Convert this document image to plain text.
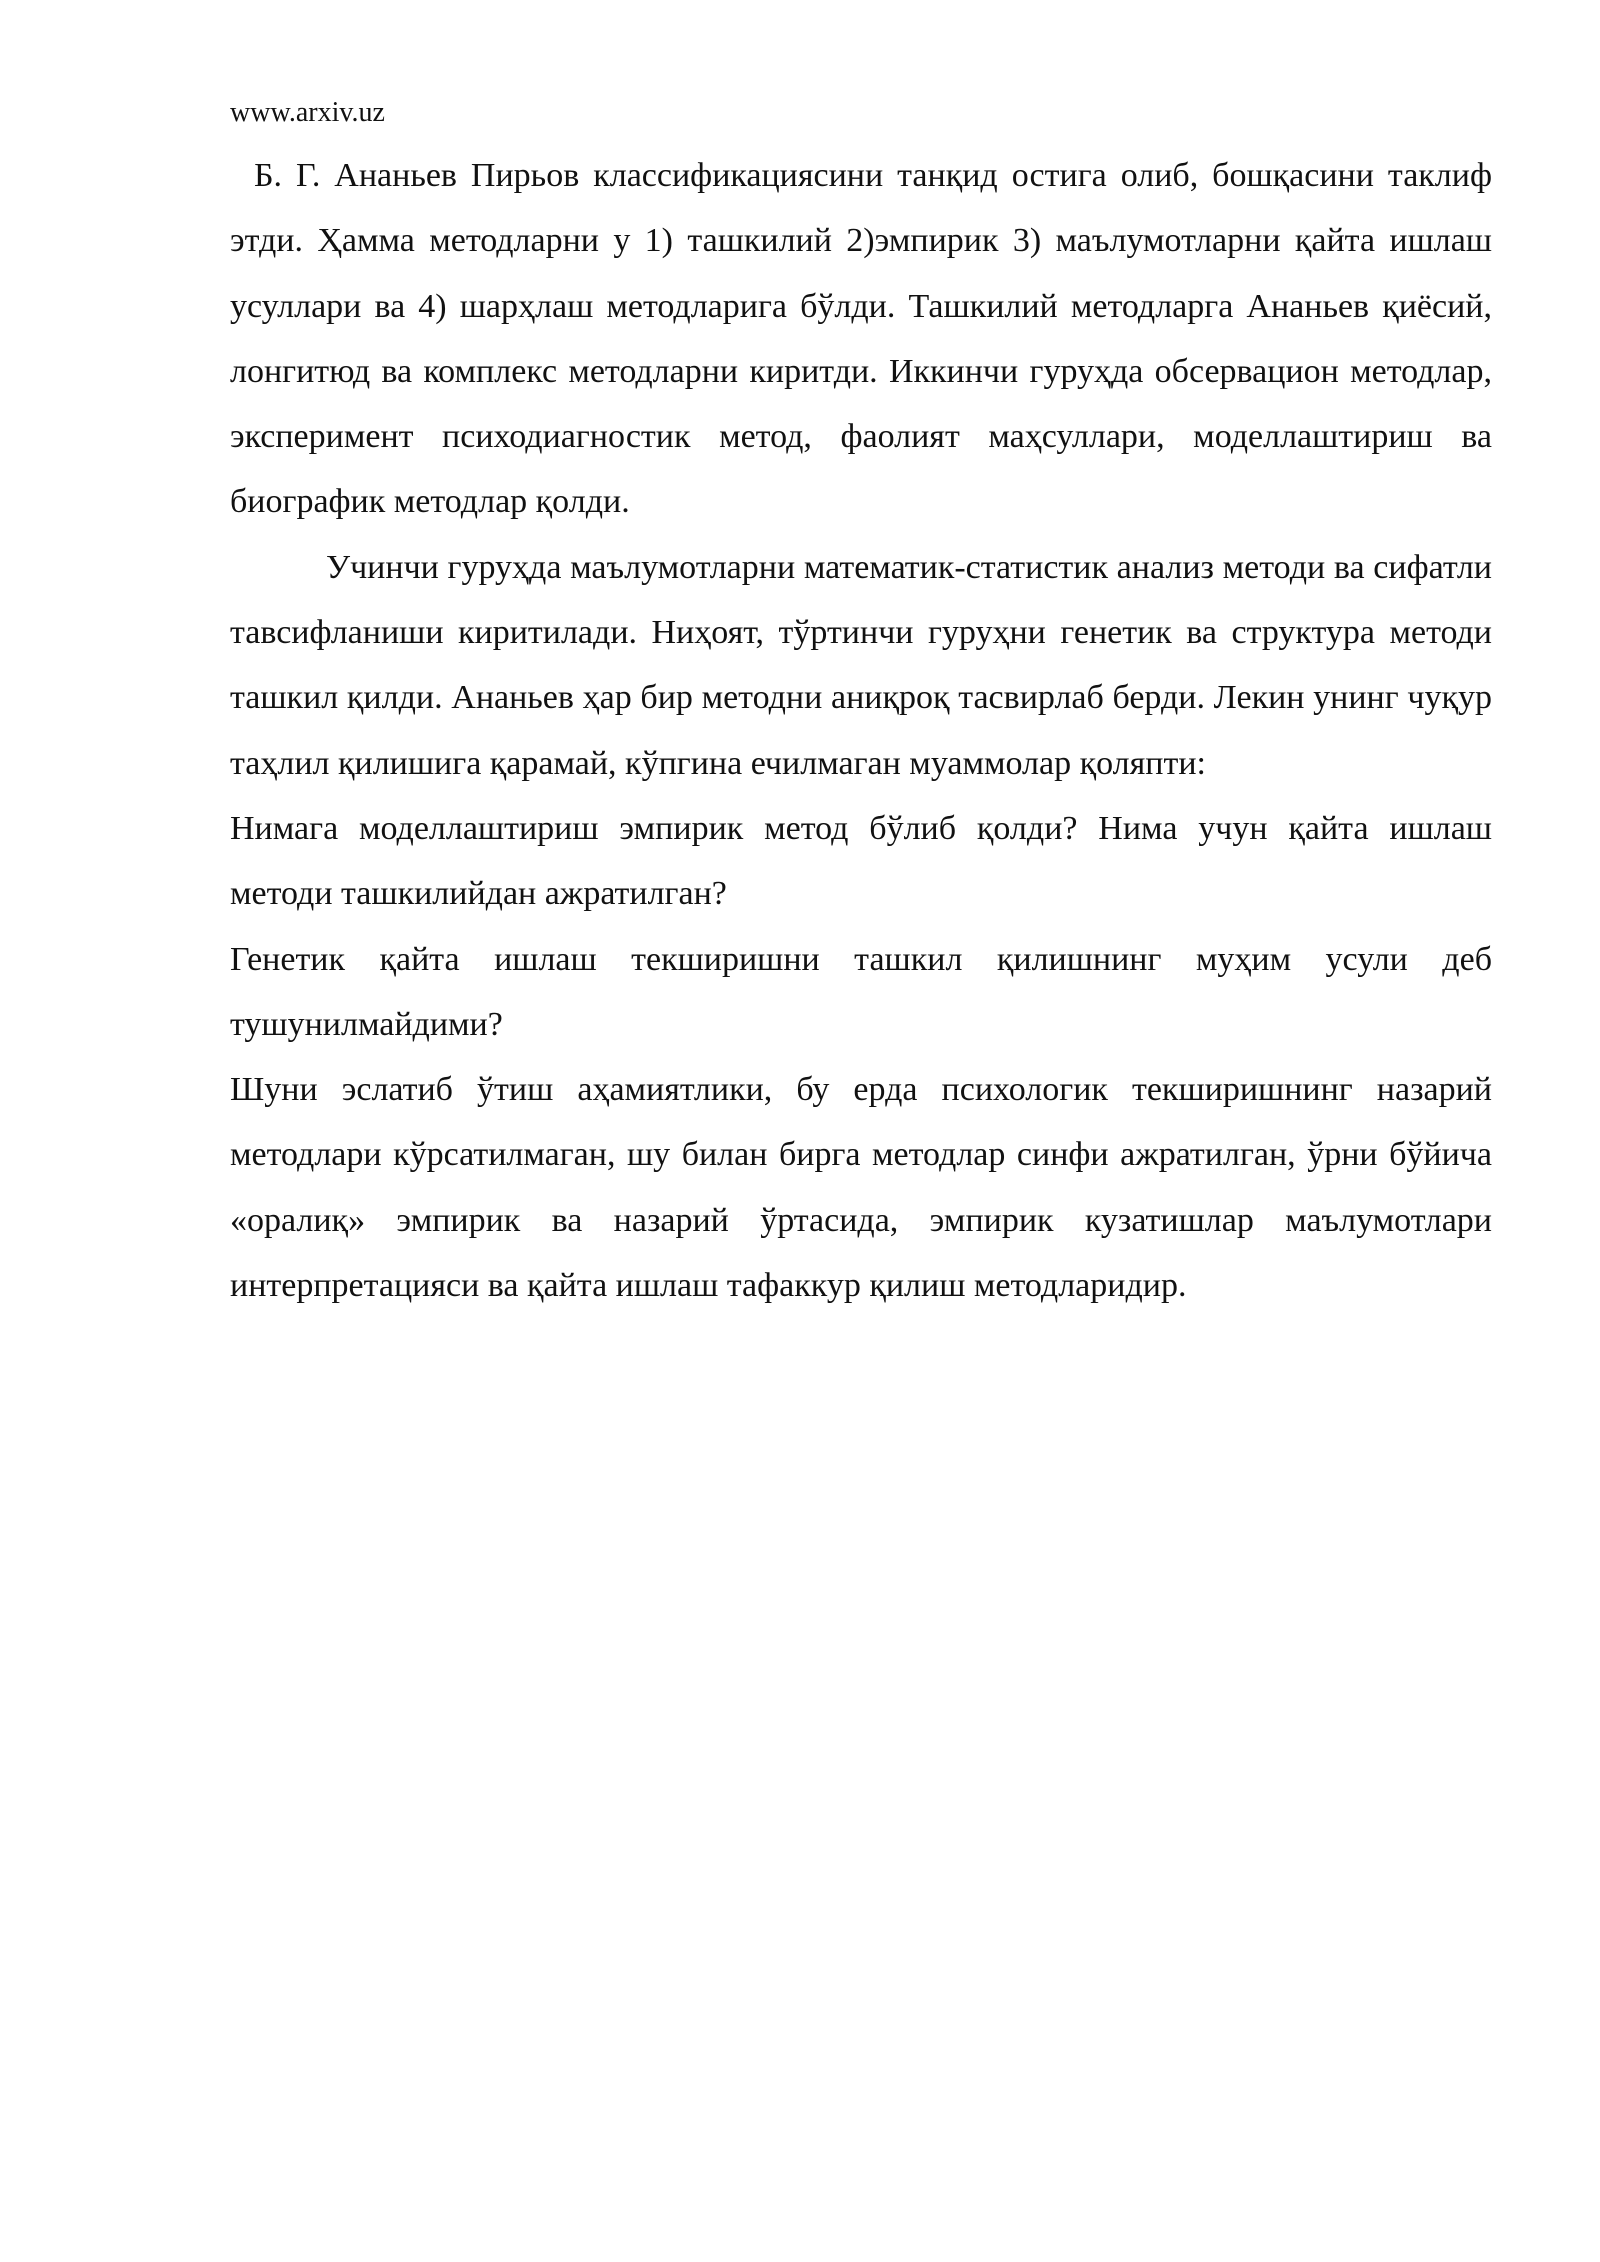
www.arxiv.uz

Б. Г. Ананьев Пирьов классификациясини танқид остига олиб, бошқасини таклиф этди. Ҳамма методларни у 1) ташкилий 2)эмпирик 3) маълумотларни қайта ишлаш усуллари ва 4) шарҳлаш методларига бўлди. Ташкилий методларга Ананьев қиёсий, лонгитюд ва комплекс методларни киритди. Иккинчи гуруҳда обсервацион методлар, эксперимент психодиагностик метод, фаолият маҳсуллари, моделлаштириш ва биографик методлар қолди.

Учинчи гуруҳда маълумотларни математик-статистик анализ методи ва сифатли тавсифланиши киритилади. Ниҳоят, тўртинчи гуруҳни генетик ва структура методи ташкил қилди. Ананьев ҳар бир методни аниқроқ тасвирлаб берди. Лекин унинг чуқур таҳлил қилишига қарамай, кўпгина ечилмаган муаммолар қоляпти:

Нимага моделлаштириш эмпирик метод бўлиб қолди? Нима учун қайта ишлаш методи ташкилийдан ажратилган?

Генетик қайта ишлаш текширишни ташкил қилишнинг муҳим усули деб тушунилмайдими?

Шуни эслатиб ўтиш аҳамиятлики, бу ерда психологик текширишнинг назарий методлари кўрсатилмаган, шу билан бирга методлар синфи ажратилган, ўрни бўйича «оралиқ» эмпирик ва назарий ўртасида, эмпирик кузатишлар маълумотлари интерпретацияси ва қайта ишлаш тафаккур қилиш методларидир.
